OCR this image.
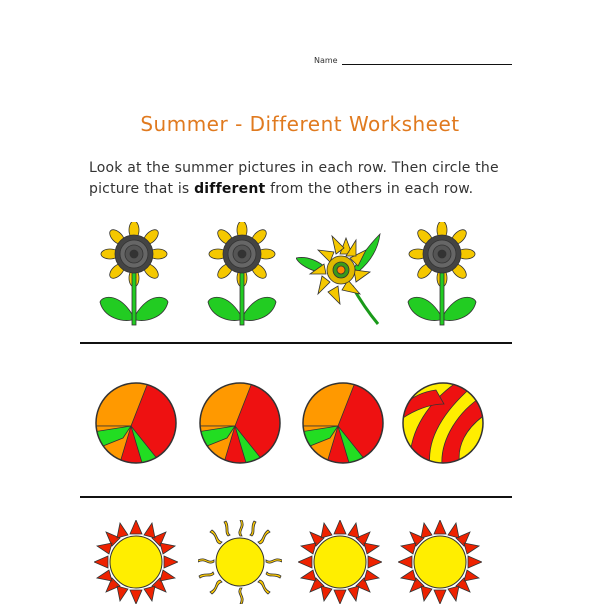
Name
Summer - Different Worksheet
Look at the summer pictures in each row. Then circle the picture that is different from the others in each row.
